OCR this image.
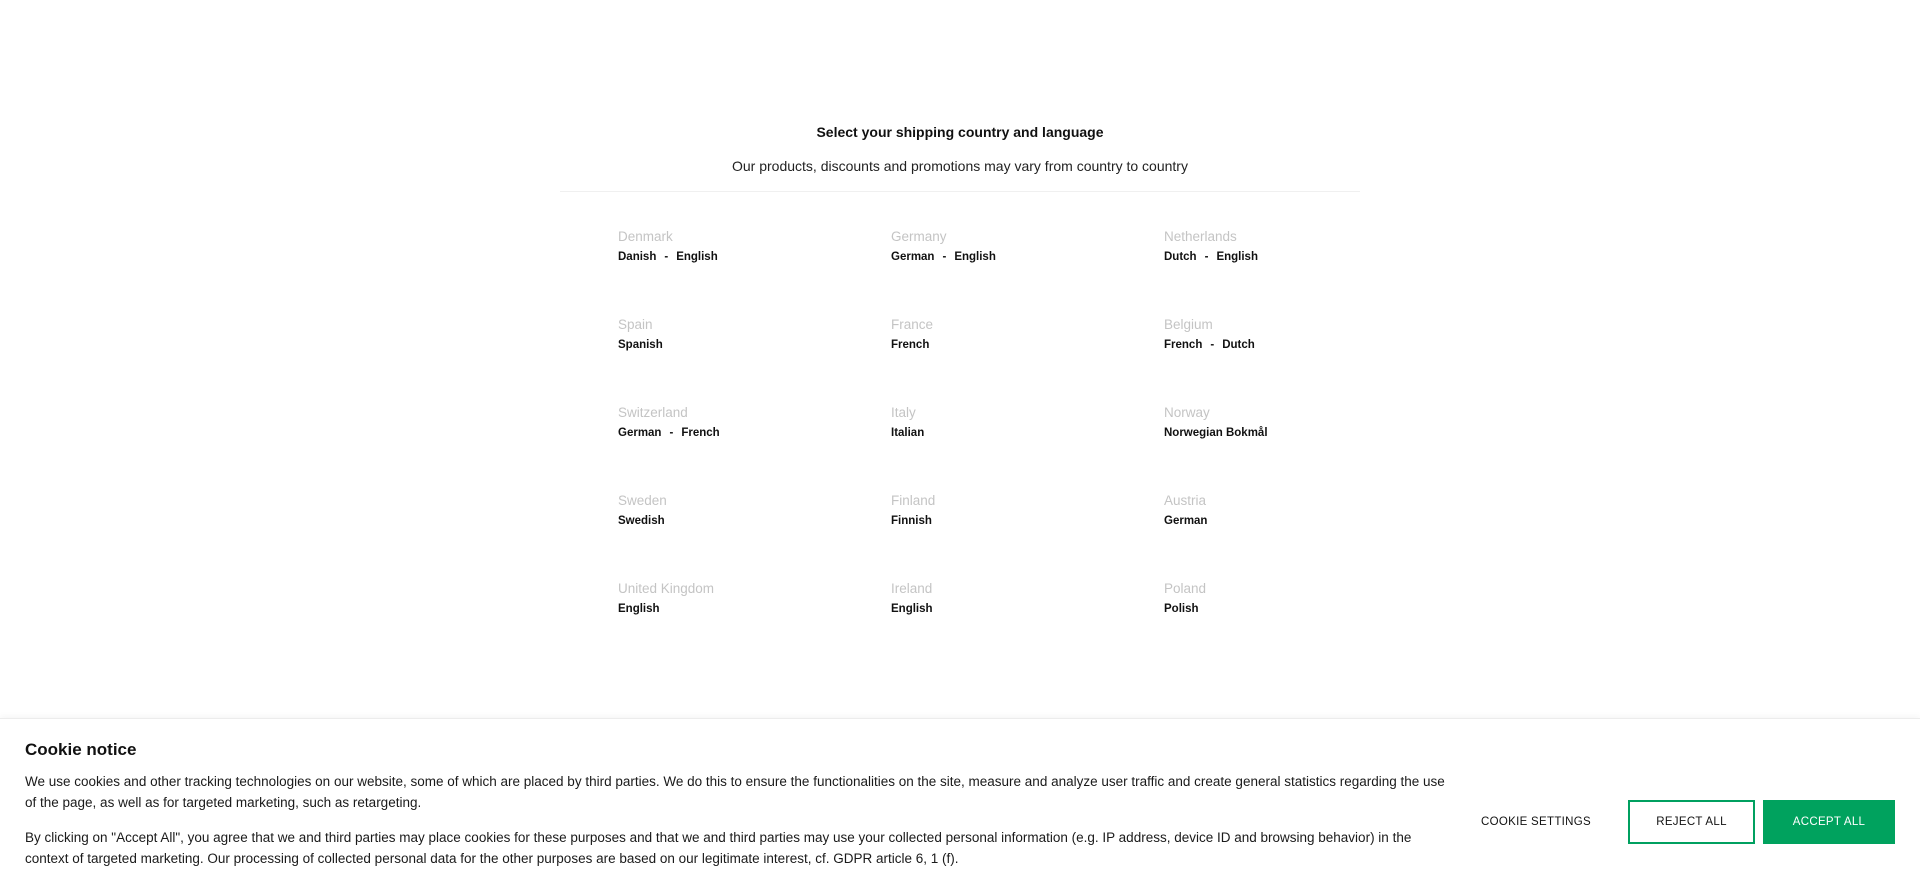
Select your shipping country and language
Our products, discounts and promotions may vary from country to country
Denmark
Danish - English
Germany
German - English
Netherlands
Dutch - English
Spain
Spanish
France
French
Belgium
French - Dutch
Switzerland
German - French
Italy
Italian
Norway
Norwegian Bokmål
Sweden
Swedish
Finland
Finnish
Austria
German
United Kingdom
English
Ireland
English
Poland
Polish
Cookie notice

We use cookies and other tracking technologies on our website, some of which are placed by third parties. We do this to ensure the functionalities on the site, measure and analyze user traffic and create general statistics regarding the use of the page, as well as for targeted marketing, such as retargeting.

By clicking on "Accept All", you agree that we and third parties may place cookies for these purposes and that we and third parties may use your collected personal information (e.g. IP address, device ID and browsing behavior) in the context of targeted marketing. Our processing of collected personal data for the other purposes are based on our legitimate interest, cf. GDPR article 6, 1 (f).

COOKIE SETTINGS	REJECT ALL	ACCEPT ALL
